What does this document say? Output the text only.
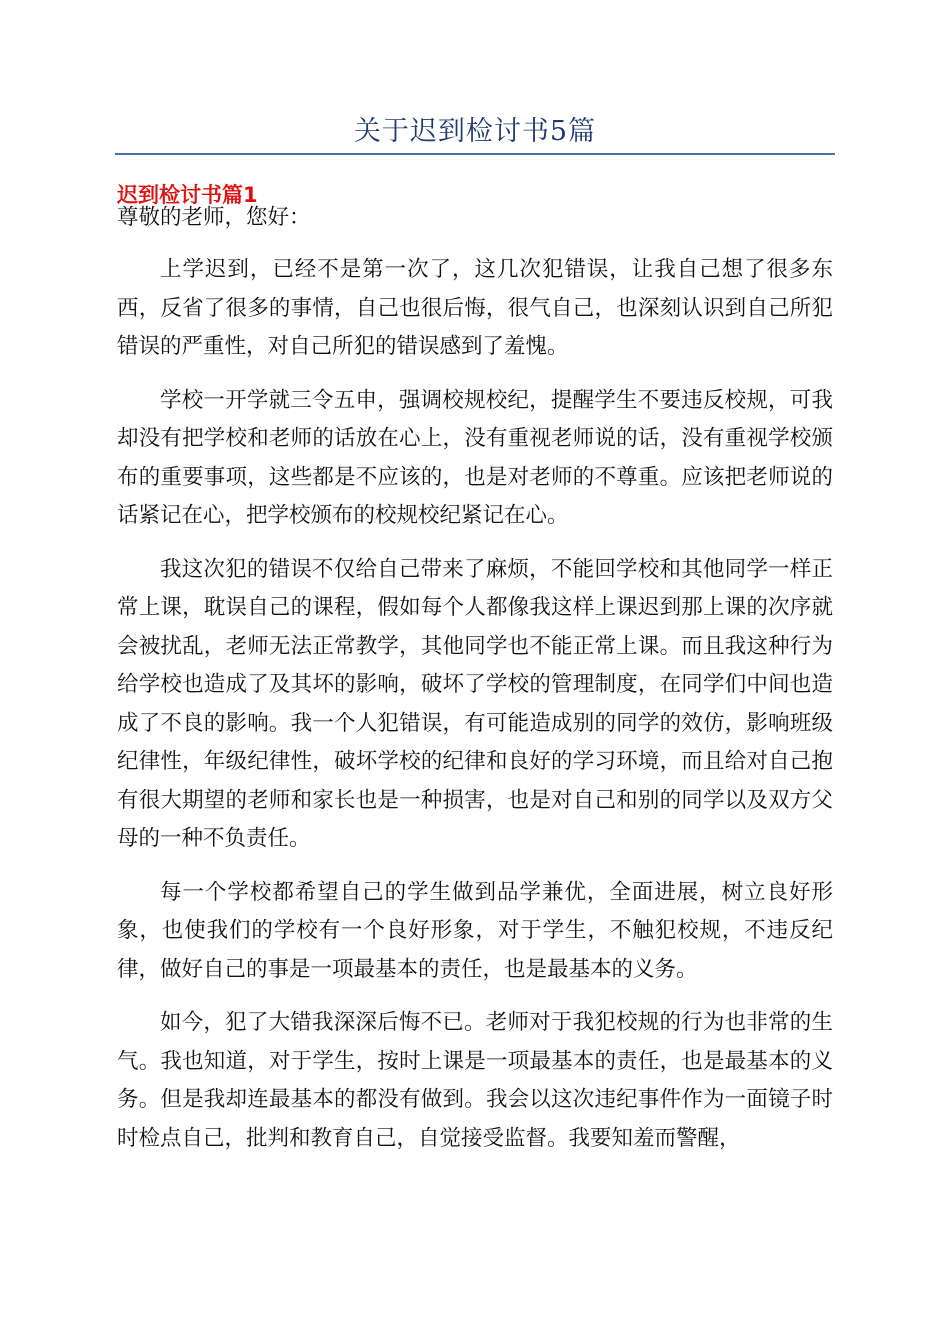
关于迟到检讨书5篇
迟到检讨书篇1
尊敬的老师，您好：

上学迟到，已经不是第一次了，这几次犯错误，让我自己想了很多东西，反省了很多的事情，自己也很后悔，很气自己，也深刻认识到自己所犯错误的严重性，对自己所犯的错误感到了羞愧。

学校一开学就三令五申，强调校规校纪，提醒学生不要违反校规，可我却没有把学校和老师的话放在心上，没有重视老师说的话，没有重视学校颁布的重要事项，这些都是不应该的，也是对老师的不尊重。应该把老师说的话紧记在心，把学校颁布的校规校纪紧记在心。

我这次犯的错误不仅给自己带来了麻烦，不能回学校和其他同学一样正常上课，耽误自己的课程，假如每个人都像我这样上课迟到那上课的次序就会被扰乱，老师无法正常教学，其他同学也不能正常上课。而且我这种行为给学校也造成了及其坏的影响，破坏了学校的管理制度，在同学们中间也造成了不良的影响。我一个人犯错误，有可能造成别的同学的效仿，影响班级纪律性，年级纪律性，破坏学校的纪律和良好的学习环境，而且给对自己抱有很大期望的老师和家长也是一种损害，也是对自己和别的同学以及双方父母的一种不负责任。

每一个学校都希望自己的学生做到品学兼优，全面进展，树立良好形象，也使我们的学校有一个良好形象，对于学生，不触犯校规，不违反纪律，做好自己的事是一项最基本的责任，也是最基本的义务。

如今，犯了大错我深深后悔不已。老师对于我犯校规的行为也非常的生气。我也知道，对于学生，按时上课是一项最基本的责任，也是最基本的义务。但是我却连最基本的都没有做到。我会以这次违纪事件作为一面镜子时时检点自己，批判和教育自己，自觉接受监督。我要知羞而警醒，
